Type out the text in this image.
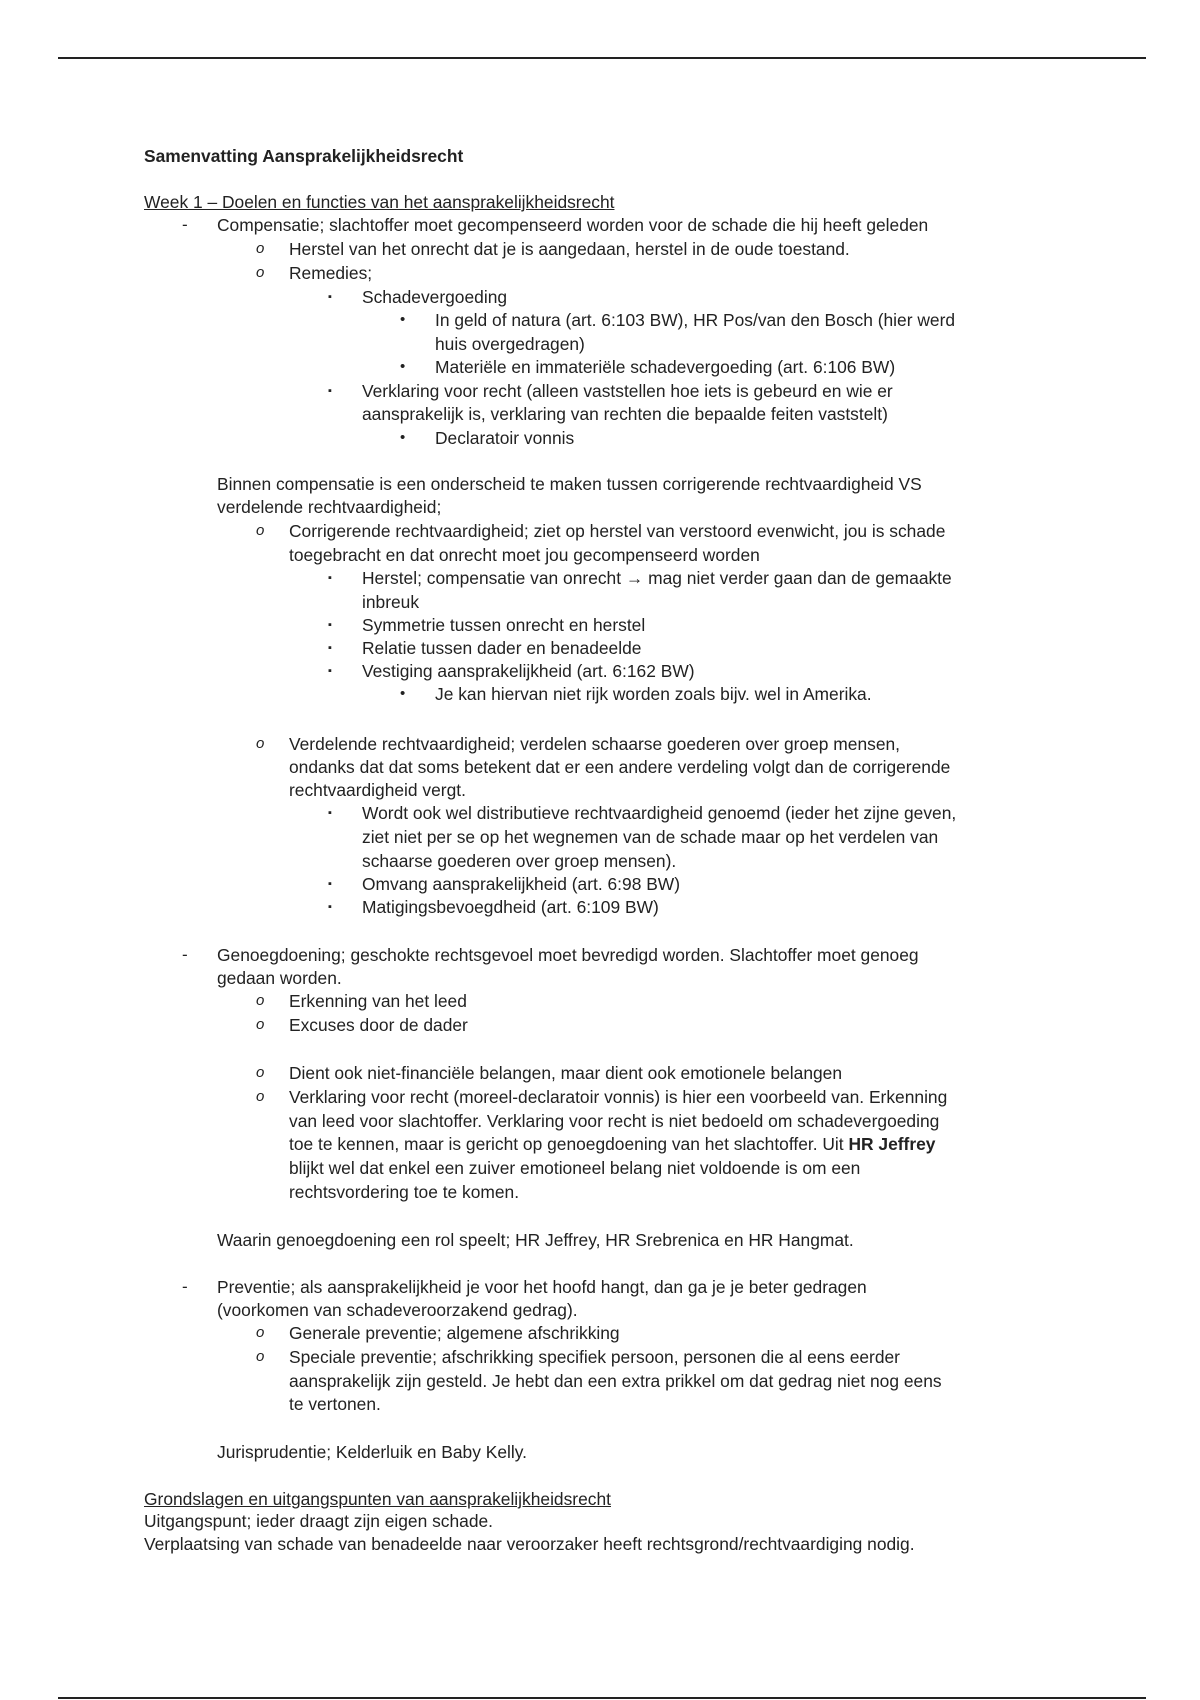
Samenvatting Aansprakelijkheidsrecht
Week 1 – Doelen en functies van het aansprakelijkheidsrecht
- Compensatie; slachtoffer moet gecompenseerd worden voor de schade die hij heeft geleden
o Herstel van het onrecht dat je is aangedaan, herstel in de oude toestand.
o Remedies;
▪ Schadevergoeding
• In geld of natura (art. 6:103 BW), HR Pos/van den Bosch (hier werd
huis overgedragen)
• Materiële en immateriële schadevergoeding (art. 6:106 BW)
▪ Verklaring voor recht (alleen vaststellen hoe iets is gebeurd en wie er
aansprakelijk is, verklaring van rechten die bepaalde feiten vaststelt)
• Declaratoir vonnis
Binnen compensatie is een onderscheid te maken tussen corrigerende rechtvaardigheid VS
verdelende rechtvaardigheid;
o Corrigerende rechtvaardigheid; ziet op herstel van verstoord evenwicht, jou is schade
toegebracht en dat onrecht moet jou gecompenseerd worden
▪ Herstel; compensatie van onrecht → mag niet verder gaan dan de gemaakte
inbreuk
▪ Symmetrie tussen onrecht en herstel
▪ Relatie tussen dader en benadeelde
▪ Vestiging aansprakelijkheid (art. 6:162 BW)
• Je kan hiervan niet rijk worden zoals bijv. wel in Amerika.
o Verdelende rechtvaardigheid; verdelen schaarse goederen over groep mensen,
ondanks dat dat soms betekent dat er een andere verdeling volgt dan de corrigerende
rechtvaardigheid vergt.
▪ Wordt ook wel distributieve rechtvaardigheid genoemd (ieder het zijne geven,
ziet niet per se op het wegnemen van de schade maar op het verdelen van
schaarse goederen over groep mensen).
▪ Omvang aansprakelijkheid (art. 6:98 BW)
▪ Matigingsbevoegdheid (art. 6:109 BW)
- Genoegdoening; geschokte rechtsgevoel moet bevredigd worden. Slachtoffer moet genoeg
gedaan worden.
o Erkenning van het leed
o Excuses door de dader
o Dient ook niet-financiële belangen, maar dient ook emotionele belangen
o Verklaring voor recht (moreel-declaratoir vonnis) is hier een voorbeeld van. Erkenning
van leed voor slachtoffer. Verklaring voor recht is niet bedoeld om schadevergoeding
toe te kennen, maar is gericht op genoegdoening van het slachtoffer. Uit HR Jeffrey
blijkt wel dat enkel een zuiver emotioneel belang niet voldoende is om een
rechtsvordering toe te komen.
Waarin genoegdoening een rol speelt; HR Jeffrey, HR Srebrenica en HR Hangmat.
- Preventie; als aansprakelijkheid je voor het hoofd hangt, dan ga je je beter gedragen
(voorkomen van schadeveroorzakend gedrag).
o Generale preventie; algemene afschrikking
o Speciale preventie; afschrikking specifiek persoon, personen die al eens eerder
aansprakelijk zijn gesteld. Je hebt dan een extra prikkel om dat gedrag niet nog eens
te vertonen.
Jurisprudentie; Kelderluik en Baby Kelly.
Grondslagen en uitgangspunten van aansprakelijkheidsrecht
Uitgangspunt; ieder draagt zijn eigen schade.
Verplaatsing van schade van benadeelde naar veroorzaker heeft rechtsgrond/rechtvaardiging nodig.
